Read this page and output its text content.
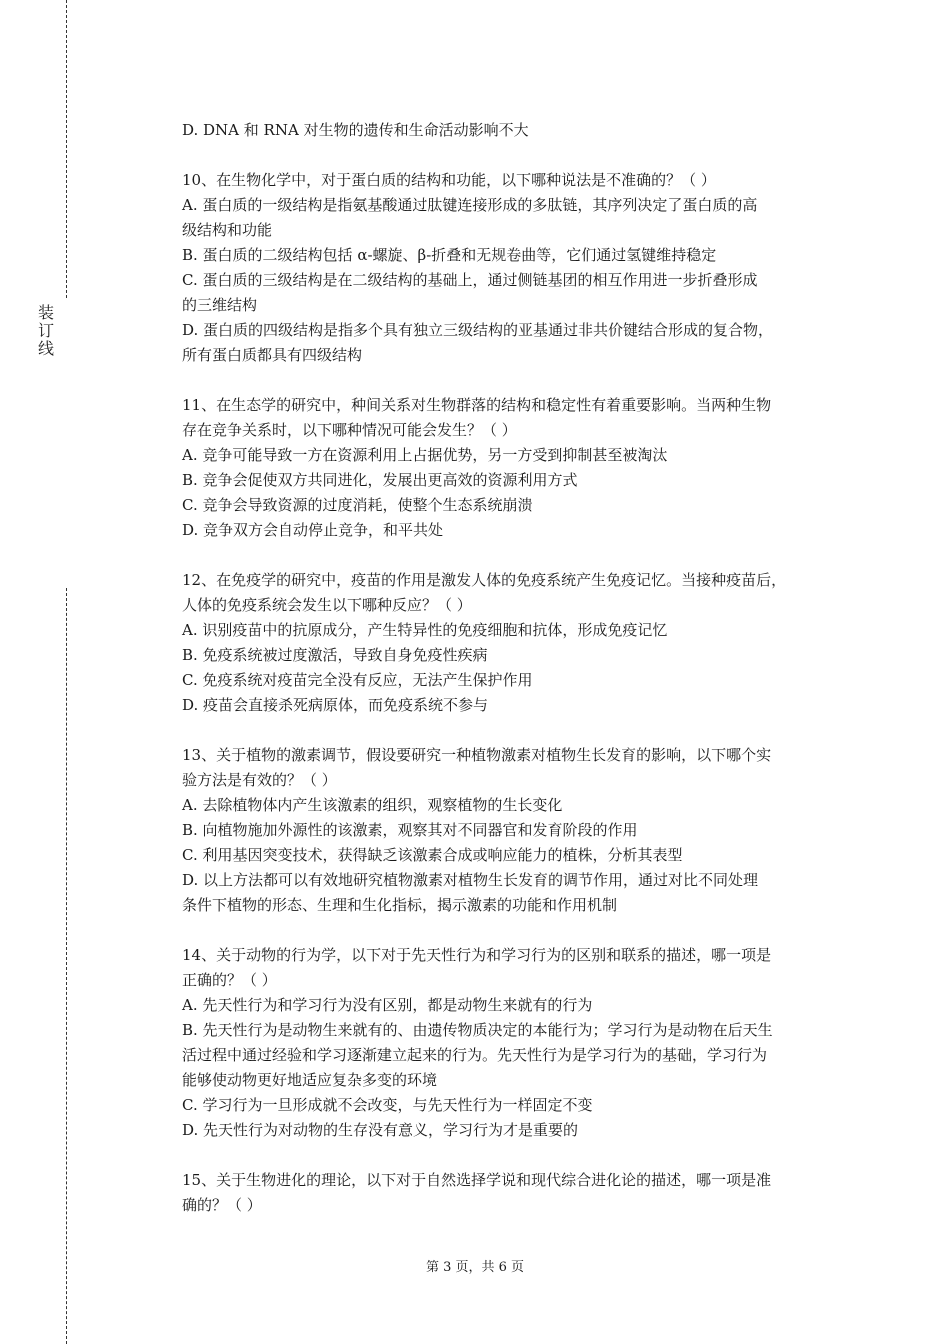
装
订
线
D. DNA 和 RNA 对生物的遗传和生命活动影响不大
10、在生物化学中，对于蛋白质的结构和功能，以下哪种说法是不准确的？（ ）
A. 蛋白质的一级结构是指氨基酸通过肽键连接形成的多肽链，其序列决定了蛋白质的高
级结构和功能
B. 蛋白质的二级结构包括 α-螺旋、β-折叠和无规卷曲等，它们通过氢键维持稳定
C. 蛋白质的三级结构是在二级结构的基础上，通过侧链基团的相互作用进一步折叠形成
的三维结构
D. 蛋白质的四级结构是指多个具有独立三级结构的亚基通过非共价键结合形成的复合物，
所有蛋白质都具有四级结构
11、在生态学的研究中，种间关系对生物群落的结构和稳定性有着重要影响。当两种生物
存在竞争关系时，以下哪种情况可能会发生？（ ）
A. 竞争可能导致一方在资源利用上占据优势，另一方受到抑制甚至被淘汰
B. 竞争会促使双方共同进化，发展出更高效的资源利用方式
C. 竞争会导致资源的过度消耗，使整个生态系统崩溃
D. 竞争双方会自动停止竞争，和平共处
12、在免疫学的研究中，疫苗的作用是激发人体的免疫系统产生免疫记忆。当接种疫苗后，
人体的免疫系统会发生以下哪种反应？（ ）
A. 识别疫苗中的抗原成分，产生特异性的免疫细胞和抗体，形成免疫记忆
B. 免疫系统被过度激活，导致自身免疫性疾病
C. 免疫系统对疫苗完全没有反应，无法产生保护作用
D. 疫苗会直接杀死病原体，而免疫系统不参与
13、关于植物的激素调节，假设要研究一种植物激素对植物生长发育的影响，以下哪个实
验方法是有效的？（ ）
A. 去除植物体内产生该激素的组织，观察植物的生长变化
B. 向植物施加外源性的该激素，观察其对不同器官和发育阶段的作用
C. 利用基因突变技术，获得缺乏该激素合成或响应能力的植株，分析其表型
D. 以上方法都可以有效地研究植物激素对植物生长发育的调节作用，通过对比不同处理
条件下植物的形态、生理和生化指标，揭示激素的功能和作用机制
14、关于动物的行为学，以下对于先天性行为和学习行为的区别和联系的描述，哪一项是
正确的？（ ）
A. 先天性行为和学习行为没有区别，都是动物生来就有的行为
B. 先天性行为是动物生来就有的、由遗传物质决定的本能行为；学习行为是动物在后天生
活过程中通过经验和学习逐渐建立起来的行为。先天性行为是学习行为的基础，学习行为
能够使动物更好地适应复杂多变的环境
C. 学习行为一旦形成就不会改变，与先天性行为一样固定不变
D. 先天性行为对动物的生存没有意义，学习行为才是重要的
15、关于生物进化的理论，以下对于自然选择学说和现代综合进化论的描述，哪一项是准
确的？（ ）
第 3 页，共 6 页
